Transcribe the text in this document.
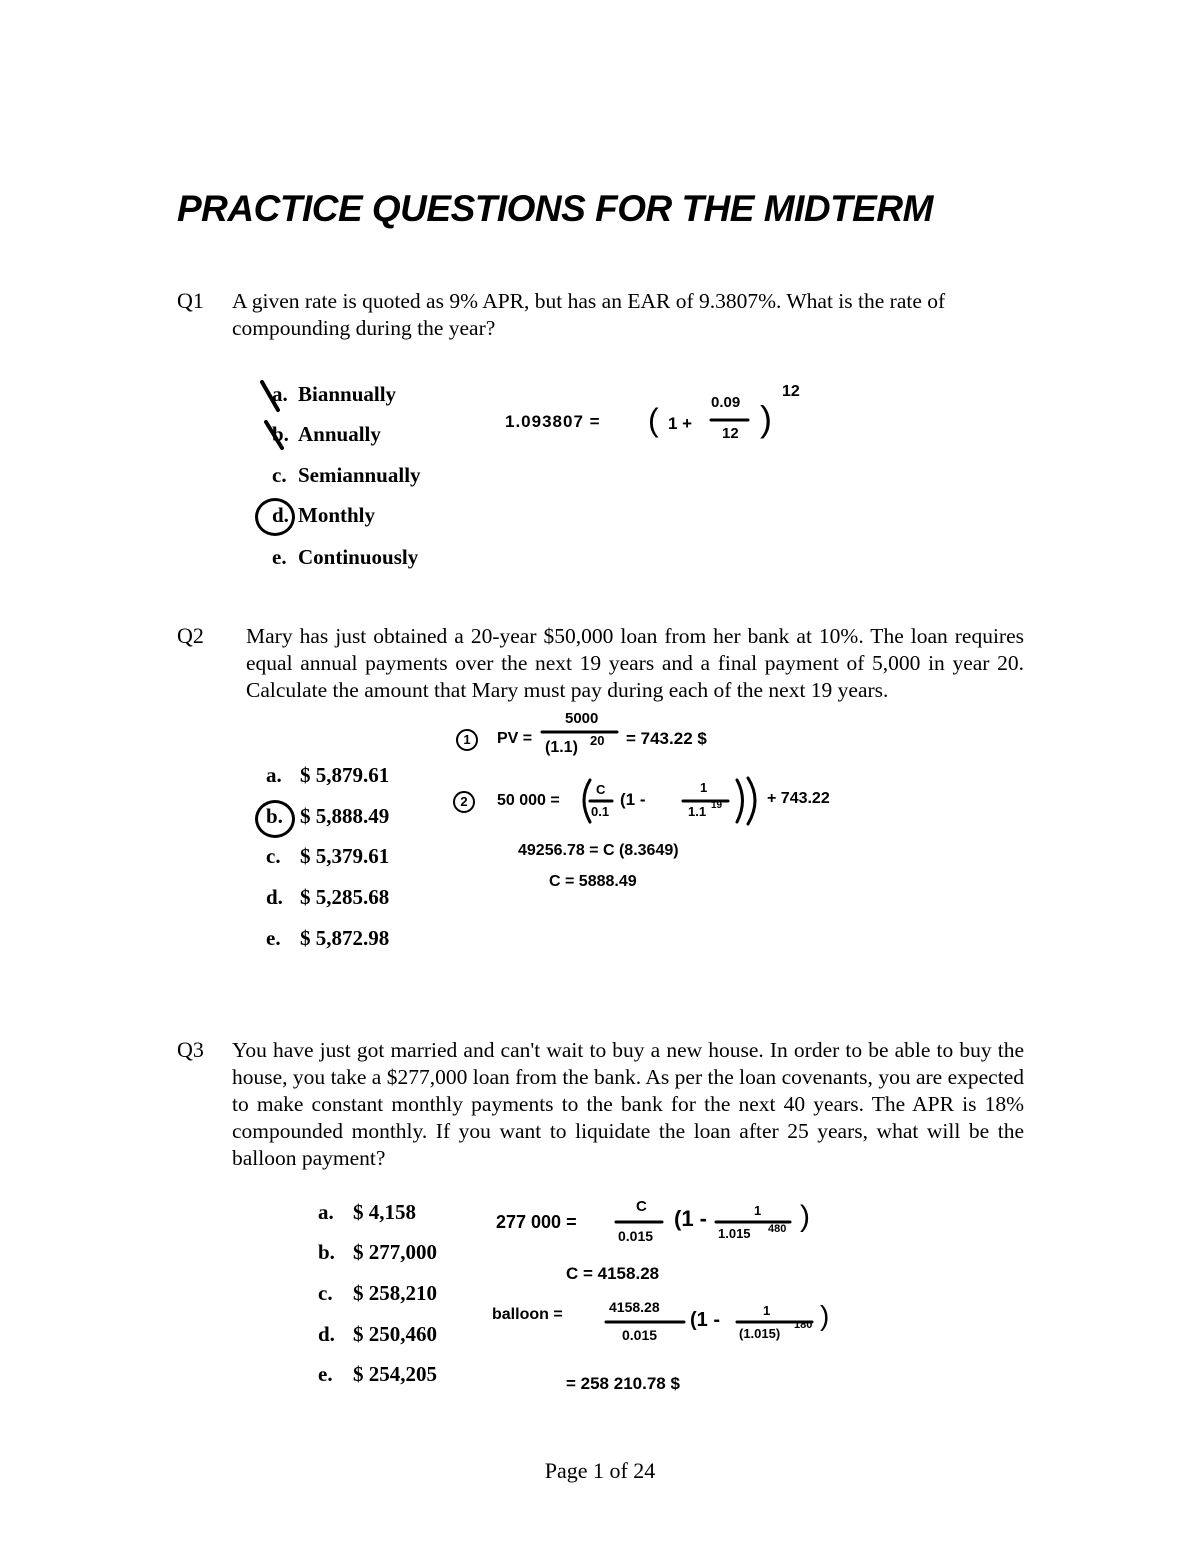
PRACTICE QUESTIONS FOR THE MIDTERM
Q1 A given rate is quoted as 9% APR, but has an EAR of 9.3807%. What is the rate of compounding during the year?
a. Biannually
b. Annually
c. Semiannually
d. Monthly
e. Continuously
1.093807 = ( 1 +
0.09
12 )
12
Q2 Mary has just obtained a 20-year $50,000 loan from her bank at 10%. The loan requires equal annual payments over the next 19 years and a final payment of 5,000 in year 20. Calculate the amount that Mary must pay during each of the next 19 years.
a. $ 5,879.61
b. $ 5,888.49
c. $ 5,379.61
d. $ 5,285.68
e. $ 5,872.98
1	PV =
5000
(1.1) 20 = 743.22 $
2	50 000 =
C
0.1
(1 -
1
1.1 19	+ 743.22
49256.78 = C (8.3649)
C = 5888.49
Q3 You have just got married and can't wait to buy a new house. In order to be able to buy the house, you take a $277,000 loan from the bank. As per the loan covenants, you are expected to make constant monthly payments to the bank for the next 40 years. The APR is 18% compounded monthly. If you want to liquidate the loan after 25 years, what will be the balloon payment?
a. $ 4,158
b. $ 277,000
c. $ 258,210
d. $ 250,460
e. $ 254,205
277 000 =
C
0.015
(1 -	1
1.015 480 )
C = 4158.28
balloon =	4158.28
0.015
(1 -	1
(1.015)
180 )
= 258 210.78 $
Page 1 of 24
